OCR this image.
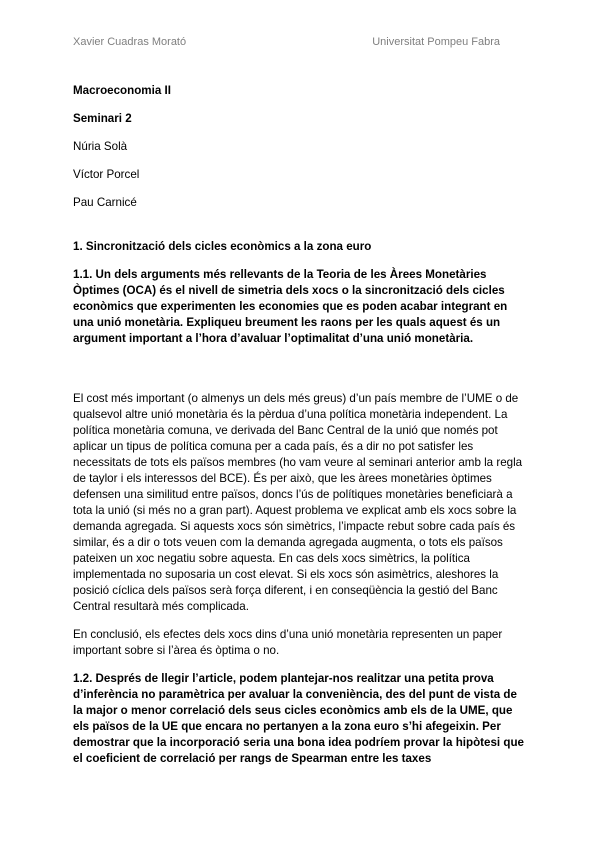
Xavier Cuadras Morató	Universitat Pompeu Fabra

Macroeconomia II

Seminari 2

Núria Solà

Víctor Porcel

Pau Carnicé

1. Sincronització dels cicles econòmics a la zona euro

1.1. Un dels arguments més rellevants de la Teoria de les Àrees Monetàries Òptimes (OCA) és el nivell de simetria dels xocs o la sincronització dels cicles econòmics que experimenten les economies que es poden acabar integrant en una unió monetària. Expliqueu breument les raons per les quals aquest és un argument important a l’hora d’avaluar l’optimalitat d’una unió monetària.

El cost més important (o almenys un dels més greus) d’un país membre de l’UME o de qualsevol altre unió monetària és la pèrdua d’una política monetària independent. La política monetària comuna, ve derivada del Banc Central de la unió que només pot aplicar un tipus de política comuna per a cada país, és a dir no pot satisfer les necessitats de tots els països membres (ho vam veure al seminari anterior amb la regla de taylor i els interessos del BCE). És per això, que les àrees monetàries òptimes defensen una similitud entre països, doncs l’ús de polítiques monetàries beneficiarà a tota la unió (si més no a gran part). Aquest problema ve explicat amb els xocs sobre la demanda agregada. Si aquests xocs són simètrics, l’impacte rebut sobre cada país és similar, és a dir o tots veuen com la demanda agregada augmenta, o tots els països pateixen un xoc negatiu sobre aquesta. En cas dels xocs simètrics, la política implementada no suposaria un cost elevat. Si els xocs són asimètrics, aleshores la posició cíclica dels països serà força diferent, i en conseqüència la gestió del Banc Central resultarà més complicada.

En conclusió, els efectes dels xocs dins d’una unió monetària representen un paper important sobre si l’àrea és òptima o no.

1.2. Després de llegir l’article, podem plantejar-nos realitzar una petita prova d’inferència no paramètrica per avaluar la conveniència, des del punt de vista de la major o menor correlació dels seus cicles econòmics amb els de la UME, que els països de la UE que encara no pertanyen a la zona euro s’hi afegeixin. Per demostrar que la incorporació seria una bona idea podríem provar la hipòtesi que el coeficient de correlació per rangs de Spearman entre les taxes
